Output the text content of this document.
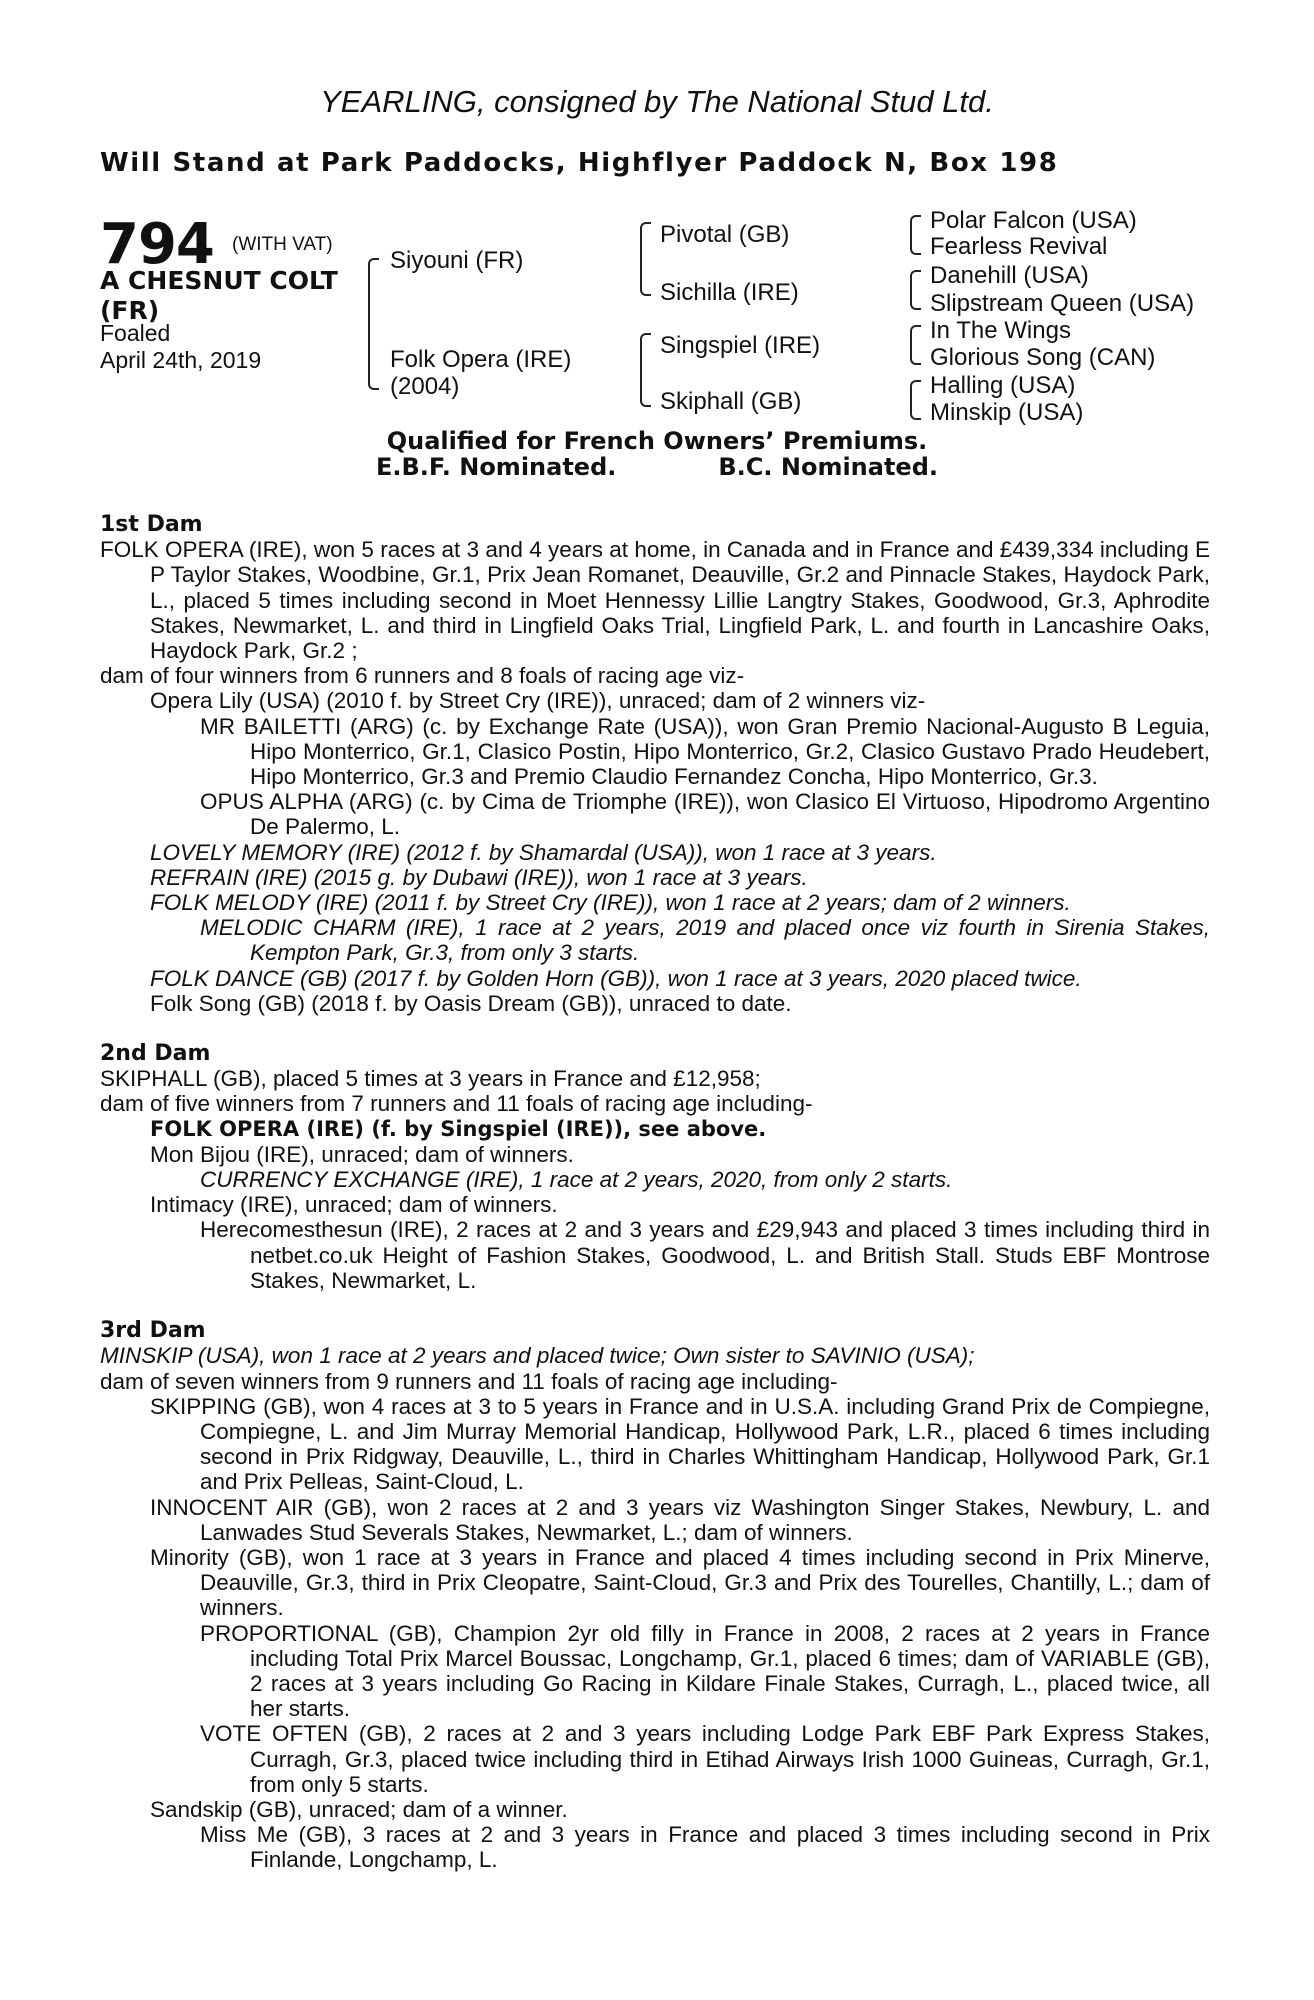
YEARLING, consigned by The National Stud Ltd.
Will Stand at Park Paddocks, Highflyer Paddock N, Box 198
794 (WITH VAT)
A CHESNUT COLT
(FR)
Foaled
April 24th, 2019
Siyouni (FR)
Folk Opera (IRE)
(2004)
Pivotal (GB)
Sichilla (IRE)
Singspiel (IRE)
Skiphall (GB)
Polar Falcon (USA)
Fearless Revival
Danehill (USA)
Slipstream Queen (USA)
In The Wings
Glorious Song (CAN)
Halling (USA)
Minskip (USA)
Qualified for French Owners’ Premiums.
E.B.F. Nominated.	B.C. Nominated.

1st Dam

FOLK OPERA (IRE), won 5 races at 3 and 4 years at home, in Canada and in France and £439,334 including E P Taylor Stakes, Woodbine, Gr.1, Prix Jean Romanet, Deauville, Gr.2 and Pinnacle Stakes, Haydock Park, L., placed 5 times including second in Moet Hennessy Lillie Langtry Stakes, Goodwood, Gr.3, Aphrodite Stakes, Newmarket, L. and third in Lingfield Oaks Trial, Lingfield Park, L. and fourth in Lancashire Oaks, Haydock Park, Gr.2 ;

dam of four winners from 6 runners and 8 foals of racing age viz-

Opera Lily (USA) (2010 f. by Street Cry (IRE)), unraced; dam of 2 winners viz-

MR BAILETTI (ARG) (c. by Exchange Rate (USA)), won Gran Premio Nacional-Augusto B Leguia, Hipo Monterrico, Gr.1, Clasico Postin, Hipo Monterrico, Gr.2, Clasico Gustavo Prado Heudebert, Hipo Monterrico, Gr.3 and Premio Claudio Fernandez Concha, Hipo Monterrico, Gr.3.

OPUS ALPHA (ARG) (c. by Cima de Triomphe (IRE)), won Clasico El Virtuoso, Hipodromo Argentino De Palermo, L.

LOVELY MEMORY (IRE) (2012 f. by Shamardal (USA)), won 1 race at 3 years.

REFRAIN (IRE) (2015 g. by Dubawi (IRE)), won 1 race at 3 years.

FOLK MELODY (IRE) (2011 f. by Street Cry (IRE)), won 1 race at 2 years; dam of 2 winners.

MELODIC CHARM (IRE), 1 race at 2 years, 2019 and placed once viz fourth in Sirenia Stakes, Kempton Park, Gr.3, from only 3 starts.

FOLK DANCE (GB) (2017 f. by Golden Horn (GB)), won 1 race at 3 years, 2020 placed twice.

Folk Song (GB) (2018 f. by Oasis Dream (GB)), unraced to date.

2nd Dam

SKIPHALL (GB), placed 5 times at 3 years in France and £12,958;

dam of five winners from 7 runners and 11 foals of racing age including-

FOLK OPERA (IRE) (f. by Singspiel (IRE)), see above.

Mon Bijou (IRE), unraced; dam of winners.

CURRENCY EXCHANGE (IRE), 1 race at 2 years, 2020, from only 2 starts.

Intimacy (IRE), unraced; dam of winners.

Herecomesthesun (IRE), 2 races at 2 and 3 years and £29,943 and placed 3 times including third in netbet.co.uk Height of Fashion Stakes, Goodwood, L. and British Stall. Studs EBF Montrose Stakes, Newmarket, L.

3rd Dam

MINSKIP (USA), won 1 race at 2 years and placed twice; Own sister to SAVINIO (USA);

dam of seven winners from 9 runners and 11 foals of racing age including-

SKIPPING (GB), won 4 races at 3 to 5 years in France and in U.S.A. including Grand Prix de Compiegne, Compiegne, L. and Jim Murray Memorial Handicap, Hollywood Park, L.R., placed 6 times including second in Prix Ridgway, Deauville, L., third in Charles Whittingham Handicap, Hollywood Park, Gr.1 and Prix Pelleas, Saint-Cloud, L.

INNOCENT AIR (GB), won 2 races at 2 and 3 years viz Washington Singer Stakes, Newbury, L. and Lanwades Stud Severals Stakes, Newmarket, L.; dam of winners.

Minority (GB), won 1 race at 3 years in France and placed 4 times including second in Prix Minerve, Deauville, Gr.3, third in Prix Cleopatre, Saint-Cloud, Gr.3 and Prix des Tourelles, Chantilly, L.; dam of winners.

PROPORTIONAL (GB), Champion 2yr old filly in France in 2008, 2 races at 2 years in France including Total Prix Marcel Boussac, Longchamp, Gr.1, placed 6 times; dam of VARIABLE (GB), 2 races at 3 years including Go Racing in Kildare Finale Stakes, Curragh, L., placed twice, all her starts.

VOTE OFTEN (GB), 2 races at 2 and 3 years including Lodge Park EBF Park Express Stakes, Curragh, Gr.3, placed twice including third in Etihad Airways Irish 1000 Guineas, Curragh, Gr.1, from only 5 starts.

Sandskip (GB), unraced; dam of a winner.

Miss Me (GB), 3 races at 2 and 3 years in France and placed 3 times including second in Prix Finlande, Longchamp, L.
